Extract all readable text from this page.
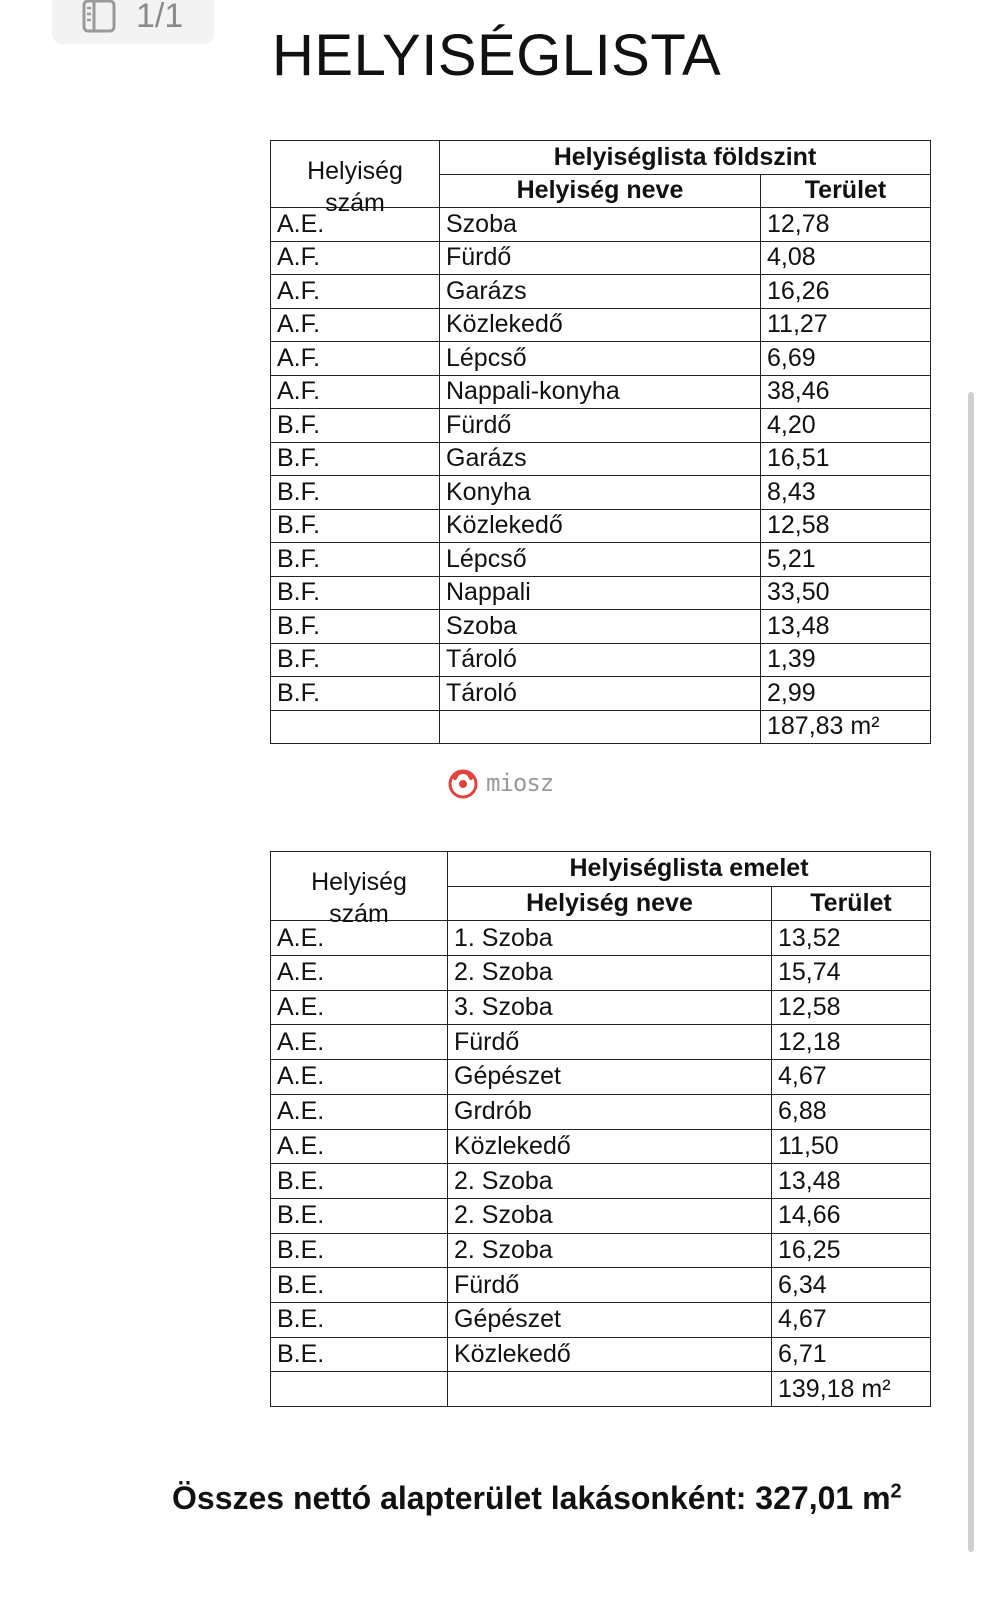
1/1
HELYISÉGLISTA
Helyiség
szám	Helyiséglista földszint	
	Helyiség neve	Terület
A.E.	Szoba	12,78
A.F.	Fürdő	4,08
A.F.	Garázs	16,26
A.F.	Közlekedő	11,27
A.F.	Lépcső	6,69
A.F.	Nappali-konyha	38,46
B.F.	Fürdő	4,20
B.F.	Garázs	16,51
B.F.	Konyha	8,43
B.F.	Közlekedő	12,58
B.F.	Lépcső	5,21
B.F.	Nappali	33,50
B.F.	Szoba	13,48
B.F.	Tároló	1,39
B.F.	Tároló	2,99
		187,83 m²
miosz
Helyiség
szám	Helyiséglista emelet	
	Helyiség neve	Terület
A.E.	1. Szoba	13,52
A.E.	2. Szoba	15,74
A.E.	3. Szoba	12,58
A.E.	Fürdő	12,18
A.E.	Gépészet	4,67
A.E.	Grdrób	6,88
A.E.	Közlekedő	11,50
B.E.	2. Szoba	13,48
B.E.	2. Szoba	14,66
B.E.	2. Szoba	16,25
B.E.	Fürdő	6,34
B.E.	Gépészet	4,67
B.E.	Közlekedő	6,71
		139,18 m²

Összes nettó alapterület lakásonként: 327,01 $m^2$
